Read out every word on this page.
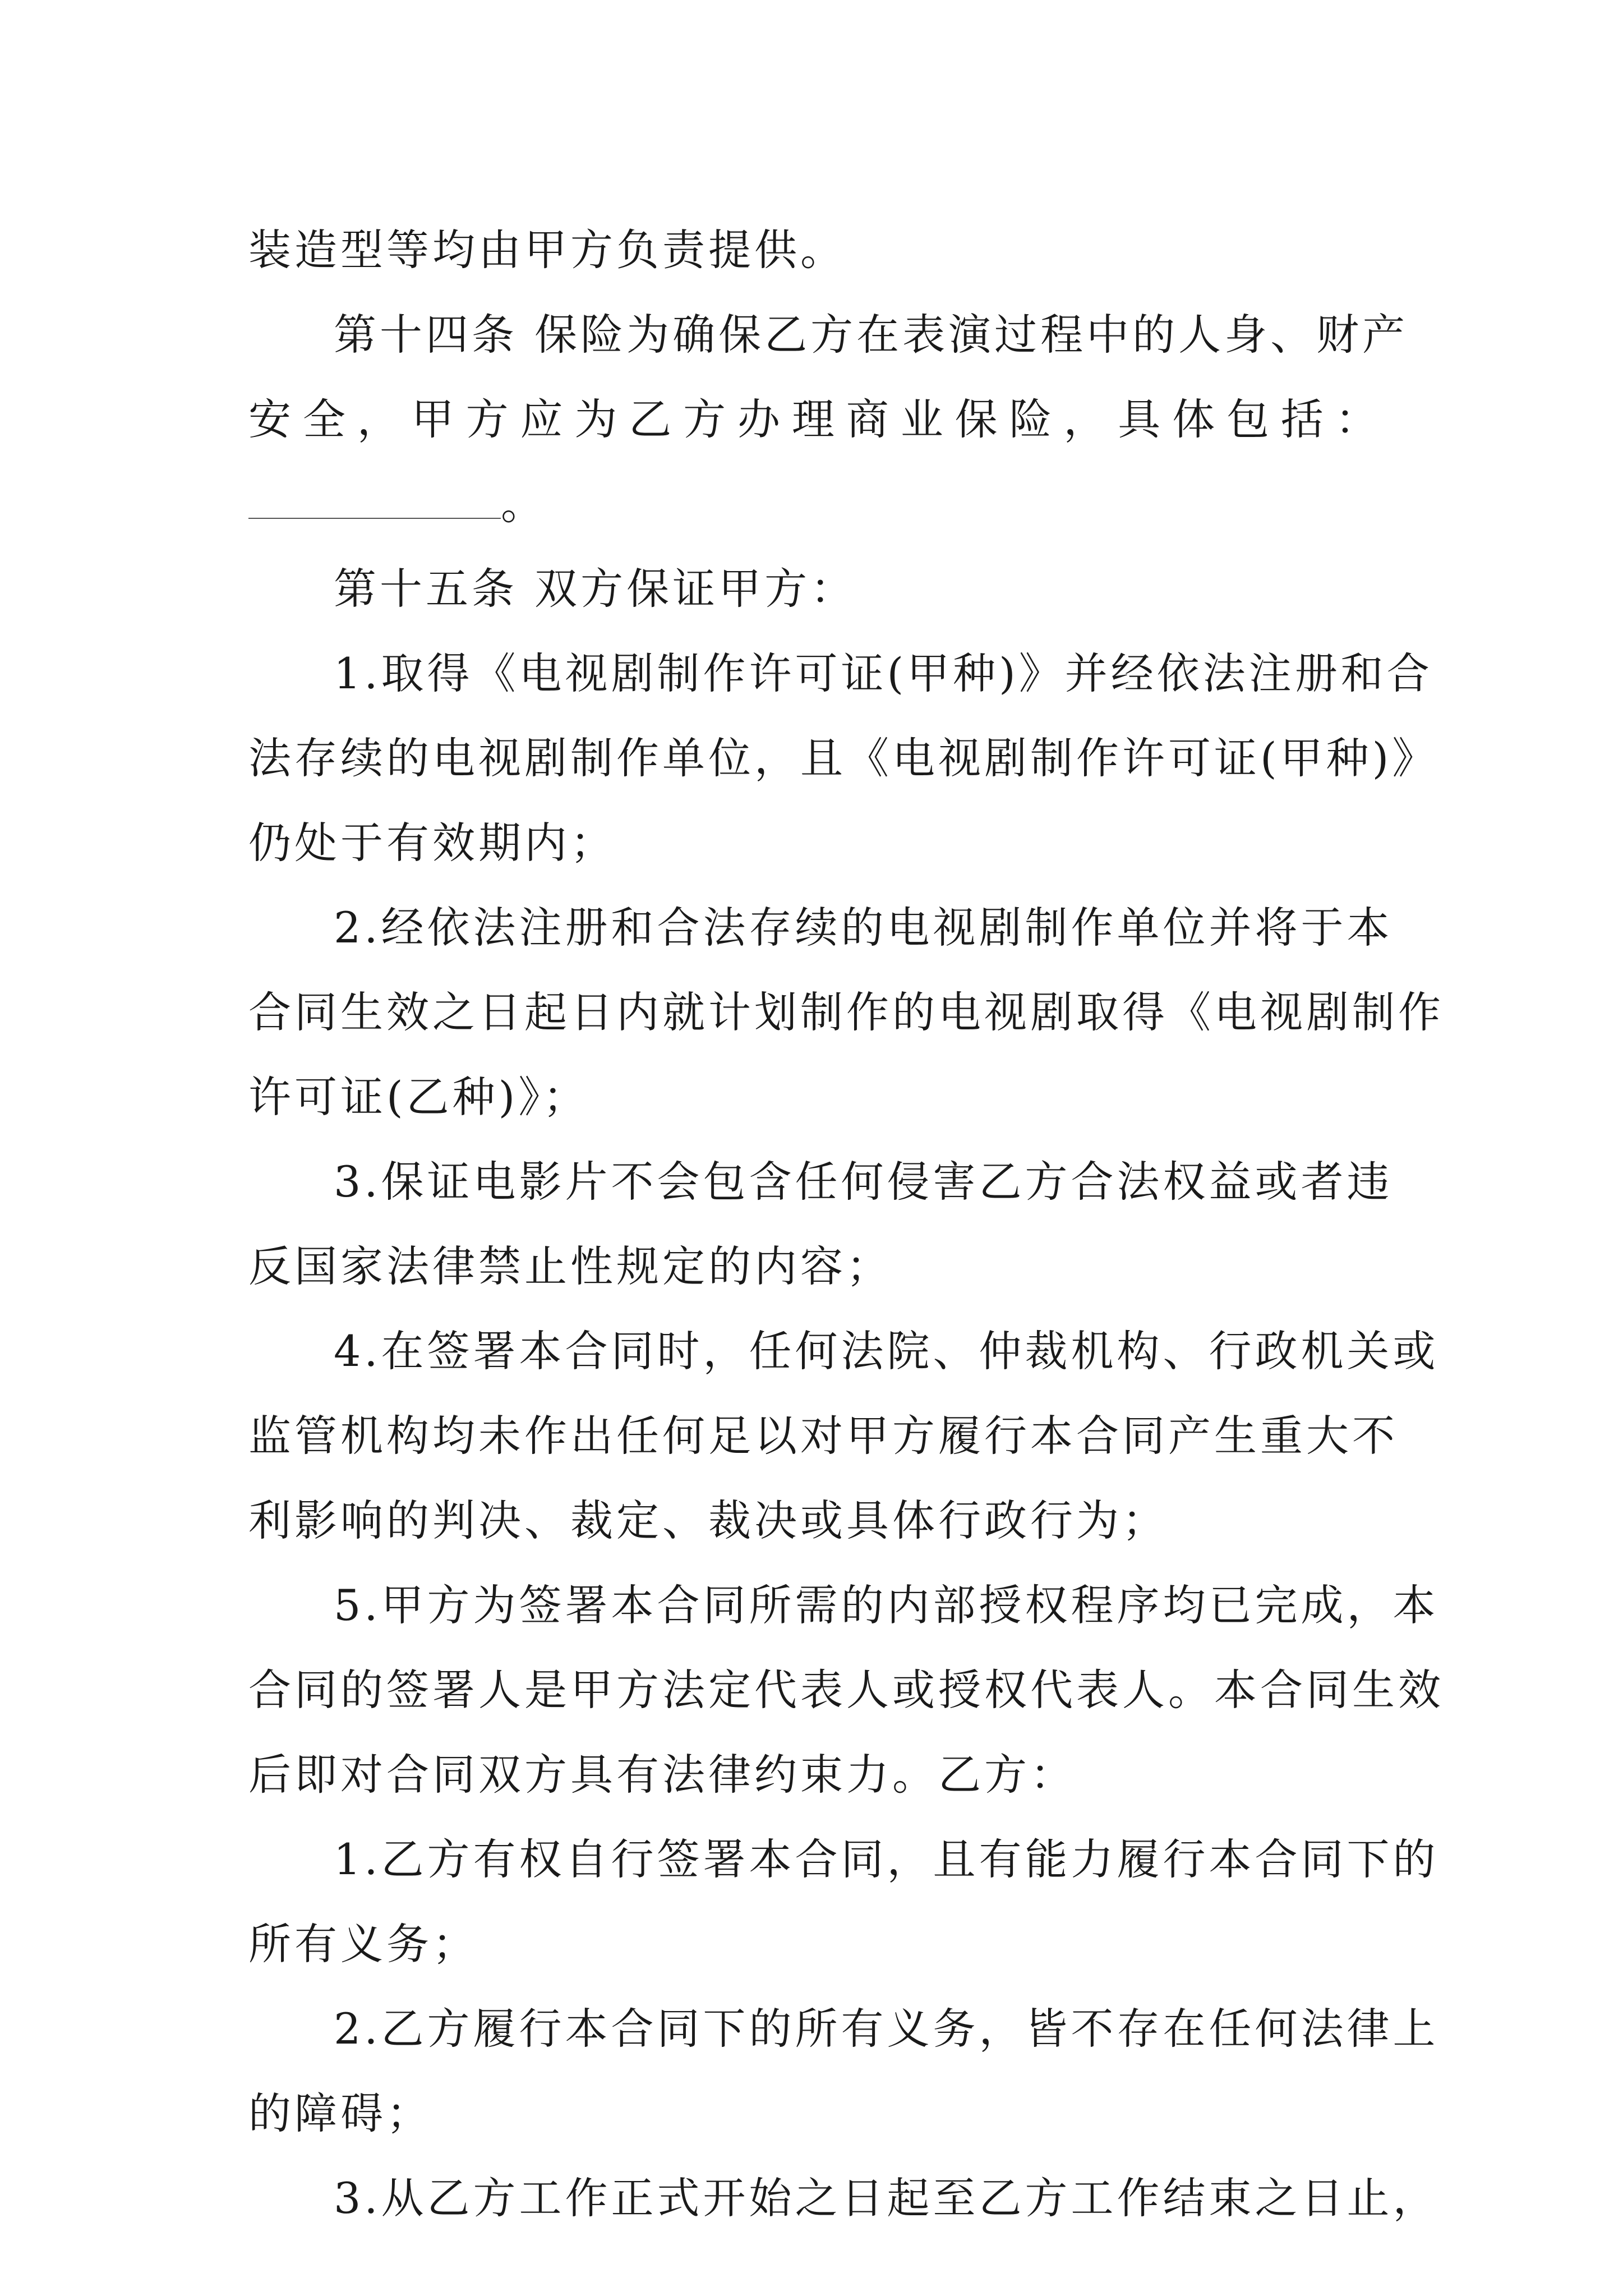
装造型等均由甲方负责提供。
第十四条 保险为确保乙方在表演过程中的人身、财产
安 全 ， 甲 方 应 为 乙 方 办 理 商 业 保 险 ， 具 体 包 括 ：
。
第十五条 双方保证甲方：
1.取得《电视剧制作许可证(甲种)》并经依法注册和合
法存续的电视剧制作单位，且《电视剧制作许可证(甲种)》
仍处于有效期内；
2.经依法注册和合法存续的电视剧制作单位并将于本
合同生效之日起日内就计划制作的电视剧取得《电视剧制作
许可证(乙种)》；
3.保证电影片不会包含任何侵害乙方合法权益或者违
反国家法律禁止性规定的内容；
4.在签署本合同时，任何法院、仲裁机构、行政机关或
监管机构均未作出任何足以对甲方履行本合同产生重大不
利影响的判决、裁定、裁决或具体行政行为；
5.甲方为签署本合同所需的内部授权程序均已完成，本
合同的签署人是甲方法定代表人或授权代表人。本合同生效
后即对合同双方具有法律约束力。乙方：
1.乙方有权自行签署本合同，且有能力履行本合同下的
所有义务；
2.乙方履行本合同下的所有义务，皆不存在任何法律上
的障碍；
3.从乙方工作正式开始之日起至乙方工作结束之日止，
